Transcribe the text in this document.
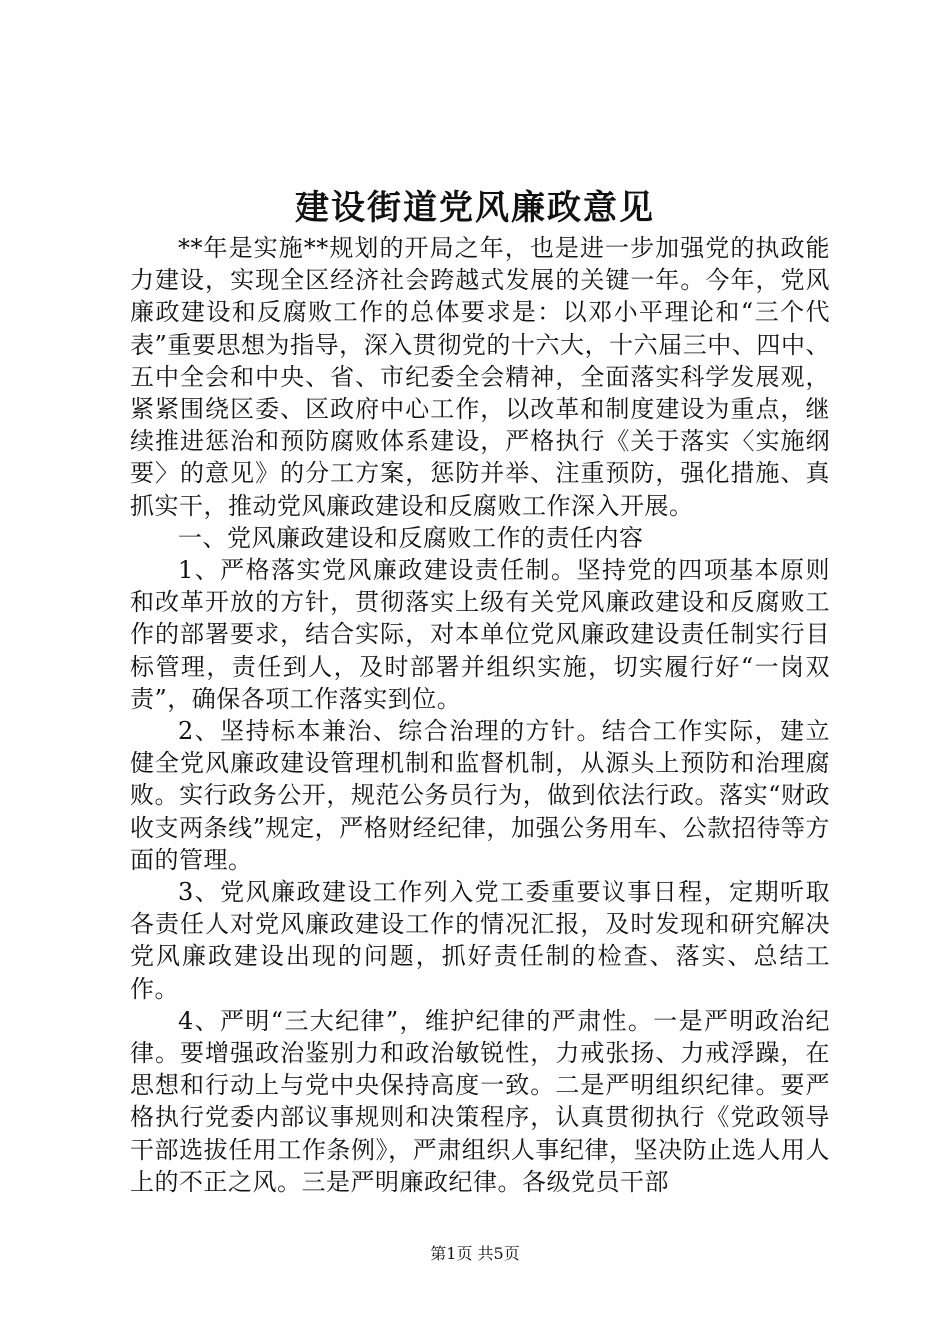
建设街道党风廉政意见

**年是实施**规划的开局之年，也是进一步加强党的执政能力建设，实现全区经济社会跨越式发展的关键一年。今年，党风廉政建设和反腐败工作的总体要求是：以邓小平理论和“三个代表”重要思想为指导，深入贯彻党的十六大，十六届三中、四中、五中全会和中央、省、市纪委全会精神，全面落实科学发展观，紧紧围绕区委、区政府中心工作，以改革和制度建设为重点，继续推进惩治和预防腐败体系建设，严格执行《关于落实〈实施纲要〉的意见》的分工方案，惩防并举、注重预防，强化措施、真抓实干，推动党风廉政建设和反腐败工作深入开展。

一、党风廉政建设和反腐败工作的责任内容

1、严格落实党风廉政建设责任制。坚持党的四项基本原则和改革开放的方针，贯彻落实上级有关党风廉政建设和反腐败工作的部署要求，结合实际，对本单位党风廉政建设责任制实行目标管理，责任到人，及时部署并组织实施，切实履行好“一岗双责”，确保各项工作落实到位。

2、坚持标本兼治、综合治理的方针。结合工作实际，建立健全党风廉政建设管理机制和监督机制，从源头上预防和治理腐败。实行政务公开，规范公务员行为，做到依法行政。落实“财政收支两条线”规定，严格财经纪律，加强公务用车、公款招待等方面的管理。

3、党风廉政建设工作列入党工委重要议事日程，定期听取各责任人对党风廉政建设工作的情况汇报，及时发现和研究解决党风廉政建设出现的问题，抓好责任制的检查、落实、总结工作。

4、严明“三大纪律”，维护纪律的严肃性。一是严明政治纪律。要增强政治鉴别力和政治敏锐性，力戒张扬、力戒浮躁，在思想和行动上与党中央保持高度一致。二是严明组织纪律。要严格执行党委内部议事规则和决策程序，认真贯彻执行《党政领导干部选拔任用工作条例》，严肃组织人事纪律，坚决防止选人用人上的不正之风。三是严明廉政纪律。各级党员干部

第1页 共5页
